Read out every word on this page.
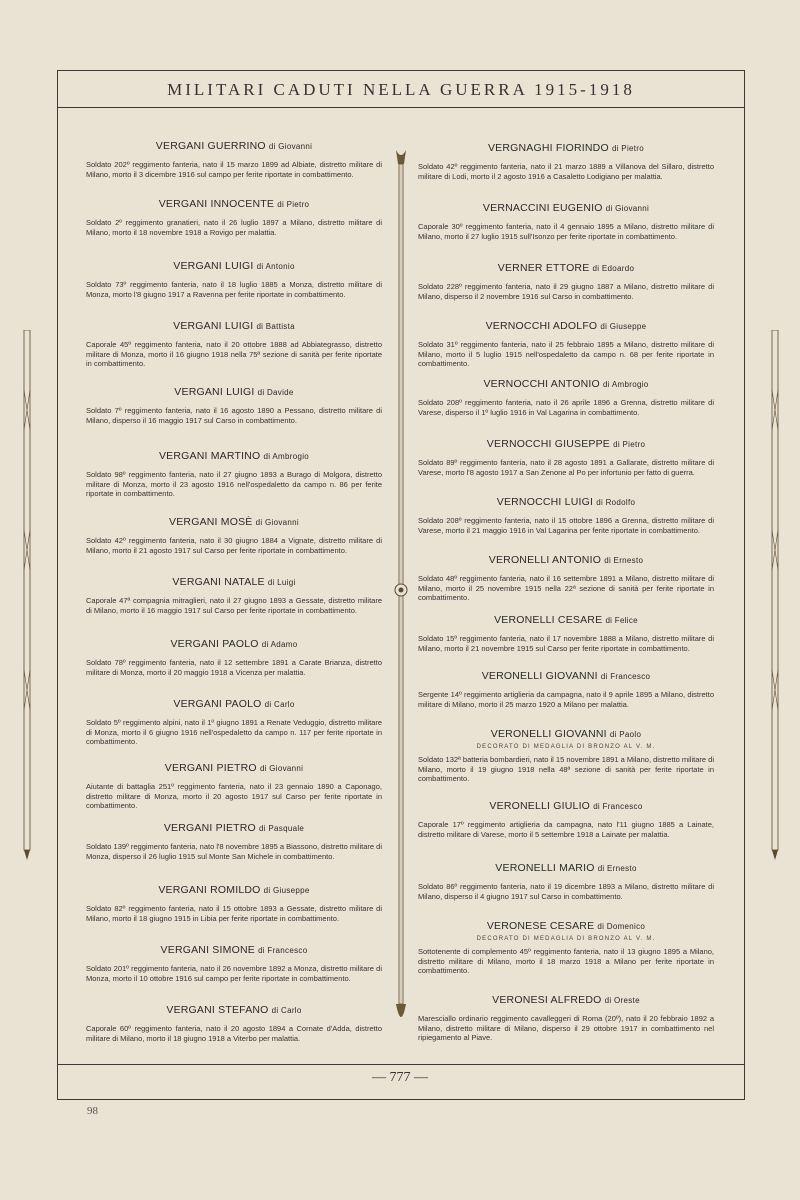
MILITARI CADUTI NELLA GUERRA 1915-1918
VERGANI GUERRINO di Giovanni
Soldato 202º reggimento fanteria, nato il 15 marzo 1899 ad Albiate, distretto militare di Milano, morto il 3 dicembre 1916 sul campo per ferite riportate in combattimento.
VERGANI INNOCENTE di Pietro
Soldato 2º reggimento granatieri, nato il 26 luglio 1897 a Milano, distretto militare di Milano, morto il 18 novembre 1918 a Rovigo per malattia.
VERGANI LUIGI di Antonio
Soldato 73º reggimento fanteria, nato il 18 luglio 1885 a Monza, distretto militare di Monza, morto l'8 giugno 1917 a Ravenna per ferite riportate in combattimento.
VERGANI LUIGI di Battista
Caporale 45º reggimento fanteria, nato il 20 ottobre 1888 ad Abbiategrasso, distretto militare di Monza, morto il 16 giugno 1918 nella 75ª sezione di sanità per ferite riportate in combattimento.
VERGANI LUIGI di Davide
Soldato 7º reggimento fanteria, nato il 16 agosto 1890 a Pessano, distretto militare di Milano, disperso il 16 maggio 1917 sul Carso in combattimento.
VERGANI MARTINO di Ambrogio
Soldato 98º reggimento fanteria, nato il 27 giugno 1893 a Burago di Molgora, distretto militare di Monza, morto il 23 agosto 1916 nell'ospedaletto da campo n. 86 per ferite riportate in combattimento.
VERGANI MOSÈ di Giovanni
Soldato 42º reggimento fanteria, nato il 30 giugno 1884 a Vignate, distretto militare di Milano, morto il 21 agosto 1917 sul Carso per ferite riportate in combattimento.
VERGANI NATALE di Luigi
Caporale 47ª compagnia mitraglieri, nato il 27 giugno 1893 a Gessate, distretto militare di Milano, morto il 16 maggio 1917 sul Carso per ferite riportate in combattimento.
VERGANI PAOLO di Adamo
Soldato 78º reggimento fanteria, nato il 12 settembre 1891 a Carate Brianza, distretto militare di Monza, morto il 20 maggio 1918 a Vicenza per malattia.
VERGANI PAOLO di Carlo
Soldato 5º reggimento alpini, nato il 1º giugno 1891 a Renate Veduggio, distretto militare di Monza, morto il 6 giugno 1916 nell'ospedaletto da campo n. 117 per ferite riportate in combattimento.
VERGANI PIETRO di Giovanni
Aiutante di battaglia 251º reggimento fanteria, nato il 23 gennaio 1890 a Caponago, distretto militare di Monza, morto il 20 agosto 1917 sul Carso per ferite riportate in combattimento.
VERGANI PIETRO di Pasquale
Soldato 139º reggimento fanteria, nato l'8 novembre 1895 a Biassono, distretto militare di Monza, disperso il 26 luglio 1915 sul Monte San Michele in combattimento.
VERGANI ROMILDO di Giuseppe
Soldato 82º reggimento fanteria, nato il 15 ottobre 1893 a Gessate, distretto militare di Milano, morto il 18 giugno 1915 in Libia per ferite riportate in combattimento.
VERGANI SIMONE di Francesco
Soldato 201º reggimento fanteria, nato il 26 novembre 1892 a Monza, distretto militare di Monza, morto il 10 ottobre 1916 sul campo per ferite riportate in combattimento.
VERGANI STEFANO di Carlo
Caporale 60º reggimento fanteria, nato il 20 agosto 1894 a Cornate d'Adda, distretto militare di Milano, morto il 18 giugno 1918 a Viterbo per malattia.
VERGNAGHI FIORINDO di Pietro
Soldato 42º reggimento fanteria, nato il 21 marzo 1889 a Villanova del Sillaro, distretto militare di Lodi, morto il 2 agosto 1916 a Casaletto Lodigiano per malattia.
VERNACCINI EUGENIO di Giovanni
Caporale 30º reggimento fanteria, nato il 4 gennaio 1895 a Milano, distretto militare di Milano, morto il 27 luglio 1915 sull'Isonzo per ferite riportate in combattimento.
VERNER ETTORE di Edoardo
Soldato 228º reggimento fanteria, nato il 29 giugno 1887 a Milano, distretto militare di Milano, disperso il 2 novembre 1916 sul Carso in combattimento.
VERNOCCHI ADOLFO di Giuseppe
Soldato 31º reggimento fanteria, nato il 25 febbraio 1895 a Milano, distretto militare di Milano, morto il 5 luglio 1915 nell'ospedaletto da campo n. 68 per ferite riportate in combattimento.
VERNOCCHI ANTONIO di Ambrogio
Soldato 208º reggimento fanteria, nato il 26 aprile 1896 a Grenna, distretto militare di Varese, disperso il 1º luglio 1916 in Val Lagarina in combattimento.
VERNOCCHI GIUSEPPE di Pietro
Soldato 89º reggimento fanteria, nato il 28 agosto 1891 a Gallarate, distretto militare di Varese, morto l'8 agosto 1917 a San Zenone al Po per infortunio per fatto di guerra.
VERNOCCHI LUIGI di Rodolfo
Soldato 208º reggimento fanteria, nato il 15 ottobre 1896 a Grenna, distretto militare di Varese, morto il 21 maggio 1916 in Val Lagarina per ferite riportate in combattimento.
VERONELLI ANTONIO di Ernesto
Soldato 48º reggimento fanteria, nato il 16 settembre 1891 a Milano, distretto militare di Milano, morto il 25 novembre 1915 nella 22ª sezione di sanità per ferite riportate in combattimento.
VERONELLI CESARE di Felice
Soldato 15º reggimento fanteria, nato il 17 novembre 1888 a Milano, distretto militare di Milano, morto il 21 novembre 1915 sul Carso per ferite riportate in combattimento.
VERONELLI GIOVANNI di Francesco
Sergente 14º reggimento artiglieria da campagna, nato il 9 aprile 1895 a Milano, distretto militare di Milano, morto il 25 marzo 1920 a Milano per malattia.
VERONELLI GIOVANNI di Paolo
DECORATO DI MEDAGLIA DI BRONZO AL V. M.
Soldato 132ª batteria bombardieri, nato il 15 novembre 1891 a Milano, distretto militare di Milano, morto il 19 giugno 1918 nella 48ª sezione di sanità per ferite riportate in combattimento.
VERONELLI GIULIO di Francesco
Caporale 17º reggimento artiglieria da campagna, nato l'11 giugno 1885 a Lainate, distretto militare di Varese, morto il 5 settembre 1918 a Lainate per malattia.
VERONELLI MARIO di Ernesto
Soldato 86º reggimento fanteria, nato il 19 dicembre 1893 a Milano, distretto militare di Milano, disperso il 4 giugno 1917 sul Carso in combattimento.
VERONESE CESARE di Domenico
DECORATO DI MEDAGLIA DI BRONZO AL V. M.
Sottotenente di complemento 45º reggimento fanteria, nato il 13 giugno 1895 a Milano, distretto militare di Milano, morto il 18 marzo 1918 a Milano per ferite riportate in combattimento.
VERONESI ALFREDO di Oreste
Maresciallo ordinario reggimento cavalleggeri di Roma (20º), nato il 20 febbraio 1892 a Milano, distretto militare di Milano, disperso il 29 ottobre 1917 in combattimento nel ripiegamento al Piave.
— 777 —
98
